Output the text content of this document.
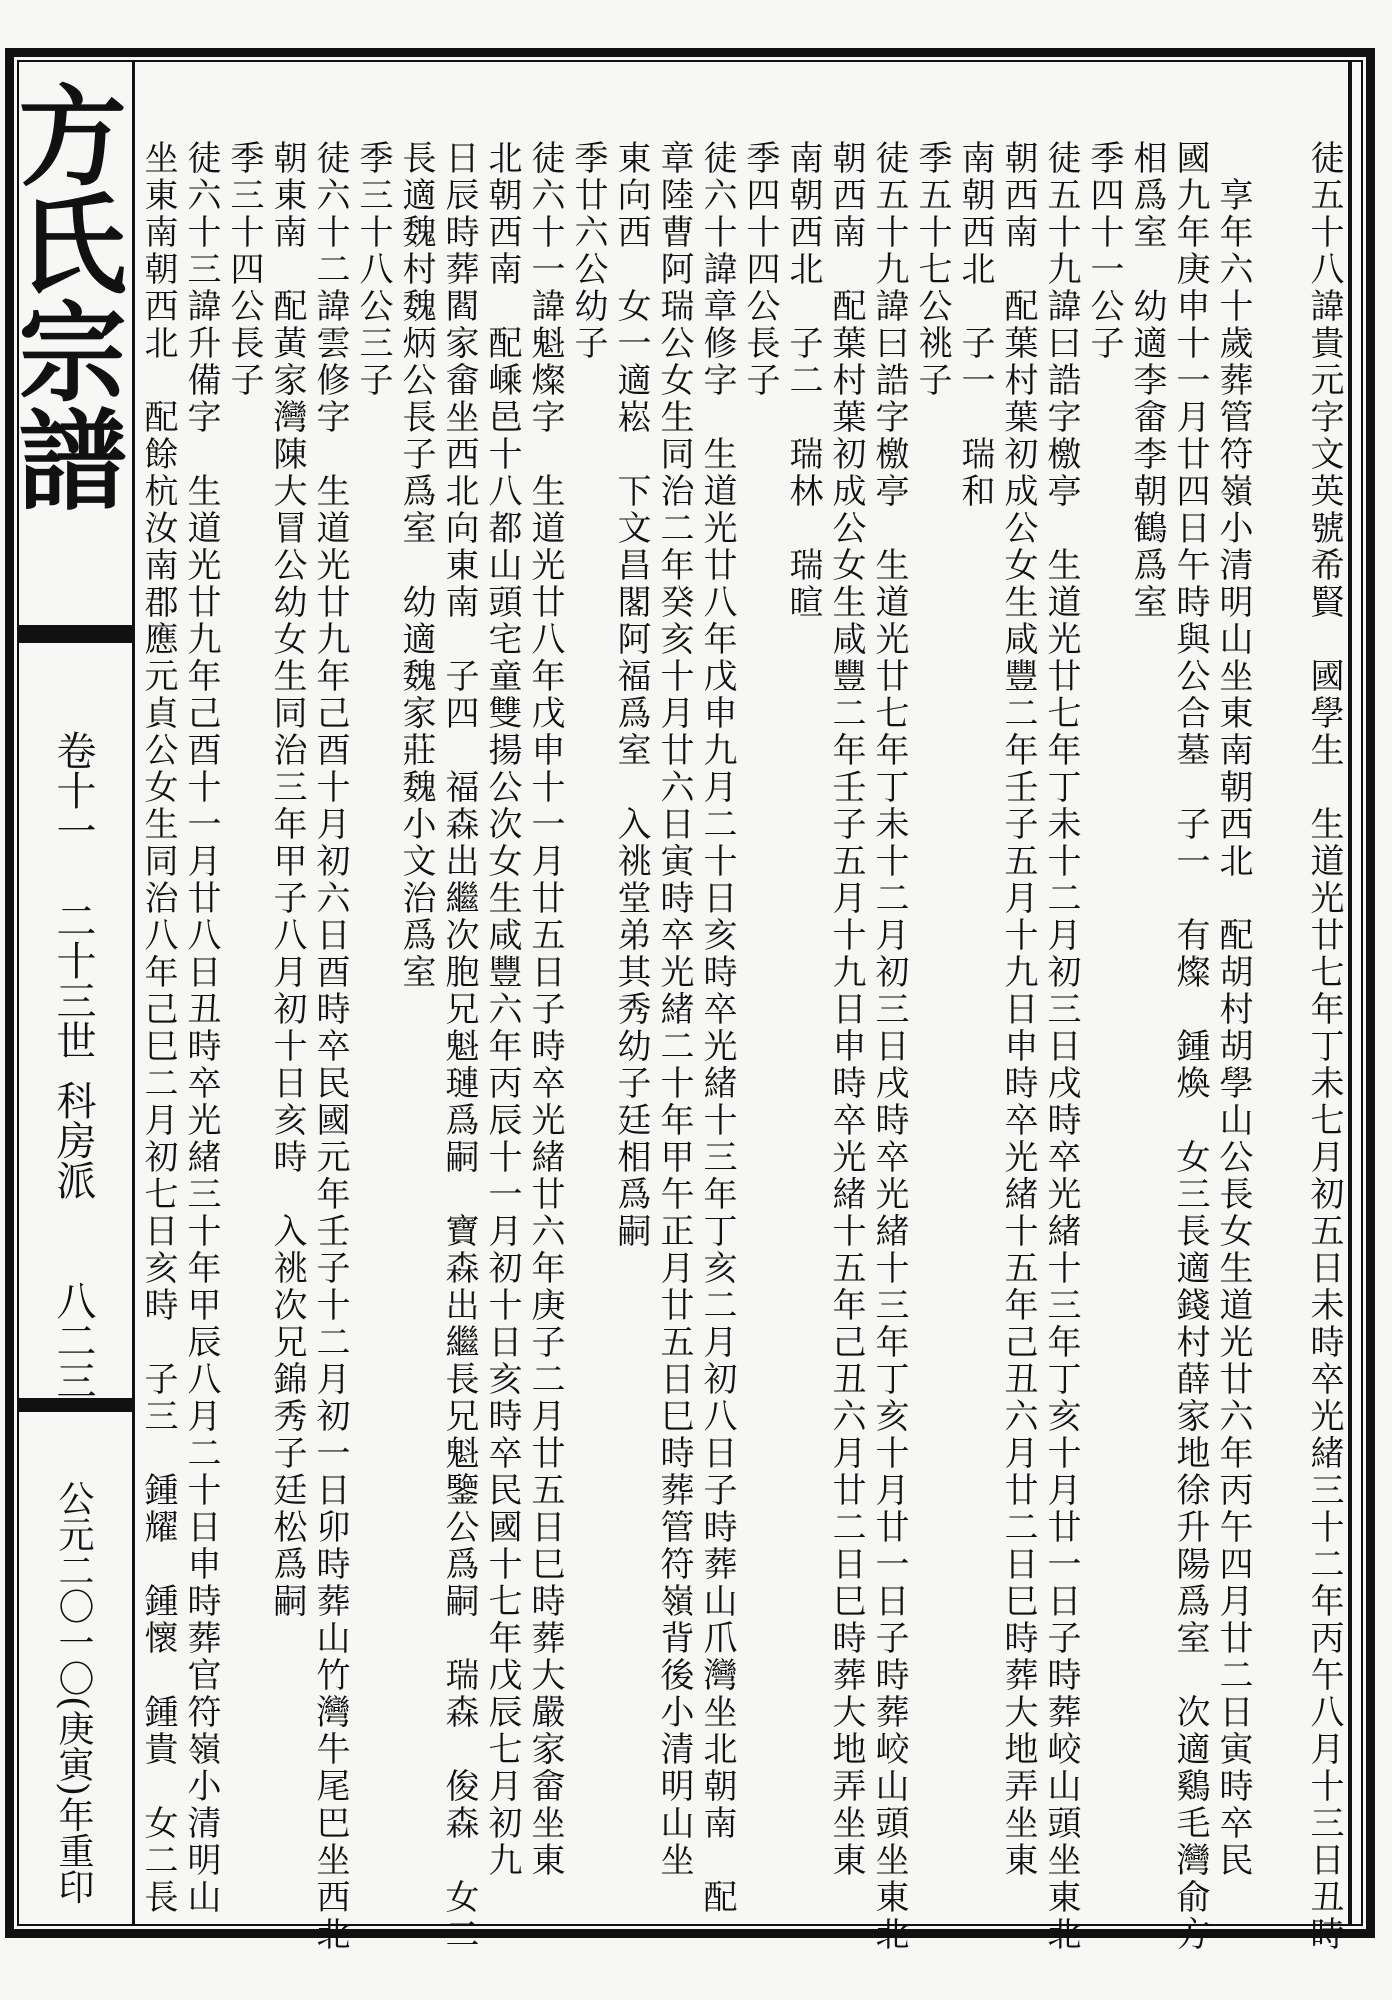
方氏宗譜
卷十一
二十三世
科房派
八二三
公元二〇一〇(庚寅)年重印	徒五十八諱貴元字文英號希賢　國學生　生道光廿七年丁未七月初五日未時卒光緒三十二年丙午八月十三日丑時
　享年六十歲葬管符嶺小清明山坐東南朝西北　配胡村胡學山公長女生道光廿六年丙午四月廿二日寅時卒民
國九年庚申十一月廿四日午時與公合墓　子一　有燦　鍾煥　女三長適錢村薛家地徐升陽爲室　次適鷄毛灣俞方
相爲室　幼適李畲李朝鶴爲室
季四十一公子
徒五十九諱曰誥字檄亭　生道光廿七年丁未十二月初三日戌時卒光緒十三年丁亥十月廿一日子時葬峧山頭坐東北
朝西南　配葉村葉初成公女生咸豐二年壬子五月十九日申時卒光緒十五年己丑六月廿二日巳時葬大地弄坐東
南朝西北　子一　瑞和
季五十七公祧子
徒五十九諱曰誥字檄亭　生道光廿七年丁未十二月初三日戌時卒光緒十三年丁亥十月廿一日子時葬峧山頭坐東北
朝西南　配葉村葉初成公女生咸豐二年壬子五月十九日申時卒光緒十五年己丑六月廿二日巳時葬大地弄坐東
南朝西北　子二　瑞林　瑞暄
季四十四公長子
徒六十諱章修字　生道光廿八年戊申九月二十日亥時卒光緒十三年丁亥二月初八日子時葬山爪灣坐北朝南　配
章陸曹阿瑞公女生同治二年癸亥十月廿六日寅時卒光緒二十年甲午正月廿五日巳時葬管符嶺背後小清明山坐
東向西　女一適崧　下文昌閣阿福爲室　入祧堂弟其秀幼子廷相爲嗣
季廿六公幼子
徒六十一諱魁燦字　生道光廿八年戊申十一月廿五日子時卒光緒廿六年庚子二月廿五日巳時葬大嚴家畲坐東
北朝西南　配嵊邑十八都山頭宅童雙揚公次女生咸豐六年丙辰十一月初十日亥時卒民國十七年戊辰七月初九
日辰時葬閻家畲坐西北向東南　子四　福森出繼次胞兄魁璉爲嗣　寶森出繼長兄魁鑒公爲嗣　瑞森　俊森　女二
長適魏村魏炳公長子爲室　幼適魏家莊魏小文治爲室
季三十八公三子
徒六十二諱雲修字　生道光廿九年己酉十月初六日酉時卒民國元年壬子十二月初一日卯時葬山竹灣牛尾巴坐西北
朝東南　配黃家灣陳大冒公幼女生同治三年甲子八月初十日亥時　入祧次兄錦秀子廷松爲嗣
季三十四公長子
徒六十三諱升備字　生道光廿九年己酉十一月廿八日丑時卒光緒三十年甲辰八月二十日申時葬官符嶺小清明山
坐東南朝西北　配餘杭汝南郡應元貞公女生同治八年己巳二月初七日亥時　子三　鍾耀　鍾懷　鍾貴　女二長
